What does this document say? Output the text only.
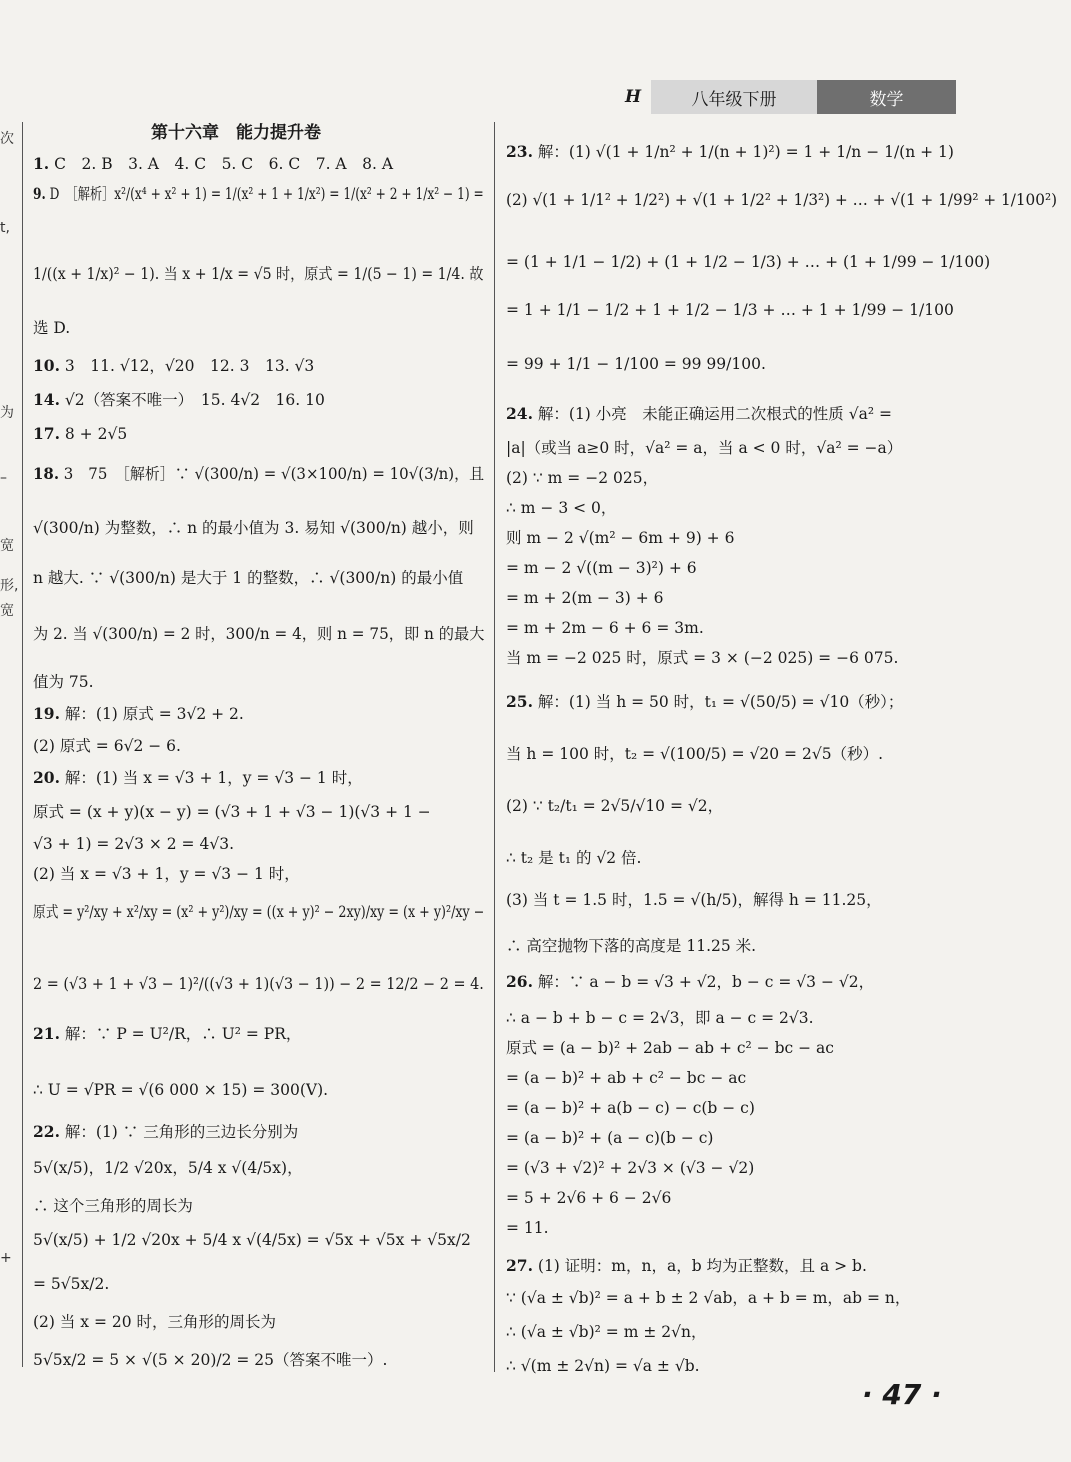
次
t,
为
–
宽
形,
宽
+
H	八年级下册	数学
第十六章　能力提升卷
1. C　2. B　3. A　4. C　5. C　6. C　7. A　8. A
9. D　［解析］x²/(x⁴ + x² + 1) = 1/(x² + 1 + 1/x²) = 1/(x² + 2 + 1/x² − 1) =
1/((x + 1/x)² − 1). 当 x + 1/x = √5 时，原式 = 1/(5 − 1) = 1/4. 故
选 D.
10. 3　11. √12，√20　12. 3　13. √3
14. √2（答案不唯一）　15. 4√2　16. 10
17. 8 + 2√5
18. 3　75　［解析］∵ √(300/n) = √(3×100/n) = 10√(3/n)，且
√(300/n) 为整数，∴ n 的最小值为 3. 易知 √(300/n) 越小，则
n 越大. ∵ √(300/n) 是大于 1 的整数，∴ √(300/n) 的最小值
为 2. 当 √(300/n) = 2 时，300/n = 4，则 n = 75，即 n 的最大
值为 75.
19. 解：(1) 原式 = 3√2 + 2.
(2) 原式 = 6√2 − 6.
20. 解：(1) 当 x = √3 + 1，y = √3 − 1 时，
原式 = (x + y)(x − y) = (√3 + 1 + √3 − 1)(√3 + 1 −
√3 + 1) = 2√3 × 2 = 4√3.
(2) 当 x = √3 + 1，y = √3 − 1 时，
原式 = y²/xy + x²/xy = (x² + y²)/xy = ((x + y)² − 2xy)/xy = (x + y)²/xy −
2 = (√3 + 1 + √3 − 1)²/((√3 + 1)(√3 − 1)) − 2 = 12/2 − 2 = 4.
21. 解：∵ P = U²/R，∴ U² = PR，
∴ U = √PR = √(6 000 × 15) = 300(V).
22. 解：(1) ∵ 三角形的三边长分别为
5√(x/5)，1/2 √20x，5/4 x √(4/5x)，
∴ 这个三角形的周长为
5√(x/5) + 1/2 √20x + 5/4 x √(4/5x) = √5x + √5x + √5x/2
= 5√5x/2.
(2) 当 x = 20 时，三角形的周长为
5√5x/2 = 5 × √(5 × 20)/2 = 25（答案不唯一）.
23. 解：(1) √(1 + 1/n² + 1/(n + 1)²) = 1 + 1/n − 1/(n + 1)
(2) √(1 + 1/1² + 1/2²) + √(1 + 1/2² + 1/3²) + … + √(1 + 1/99² + 1/100²)
= (1 + 1/1 − 1/2) + (1 + 1/2 − 1/3) + … + (1 + 1/99 − 1/100)
= 1 + 1/1 − 1/2 + 1 + 1/2 − 1/3 + … + 1 + 1/99 − 1/100
= 99 + 1/1 − 1/100 = 99 99/100.
24. 解：(1) 小亮　未能正确运用二次根式的性质 √a² =
|a|（或当 a≥0 时，√a² = a，当 a < 0 时，√a² = −a）
(2) ∵ m = −2 025，
∴ m − 3 < 0，
则 m − 2 √(m² − 6m + 9) + 6
= m − 2 √((m − 3)²) + 6
= m + 2(m − 3) + 6
= m + 2m − 6 + 6 = 3m.
当 m = −2 025 时，原式 = 3 × (−2 025) = −6 075.
25. 解：(1) 当 h = 50 时，t₁ = √(50/5) = √10（秒）；
当 h = 100 时，t₂ = √(100/5) = √20 = 2√5（秒）.
(2) ∵ t₂/t₁ = 2√5/√10 = √2，
∴ t₂ 是 t₁ 的 √2 倍.
(3) 当 t = 1.5 时，1.5 = √(h/5)，解得 h = 11.25，
∴ 高空抛物下落的高度是 11.25 米.
26. 解：∵ a − b = √3 + √2，b − c = √3 − √2，
∴ a − b + b − c = 2√3，即 a − c = 2√3.
原式 = (a − b)² + 2ab − ab + c² − bc − ac
= (a − b)² + ab + c² − bc − ac
= (a − b)² + a(b − c) − c(b − c)
= (a − b)² + (a − c)(b − c)
= (√3 + √2)² + 2√3 × (√3 − √2)
= 5 + 2√6 + 6 − 2√6
= 11.
27. (1) 证明：m，n，a，b 均为正整数，且 a > b.
∵ (√a ± √b)² = a + b ± 2 √ab，a + b = m，ab = n，
∴ (√a ± √b)² = m ± 2√n，
∴ √(m ± 2√n) = √a ± √b.
· 47 ·
